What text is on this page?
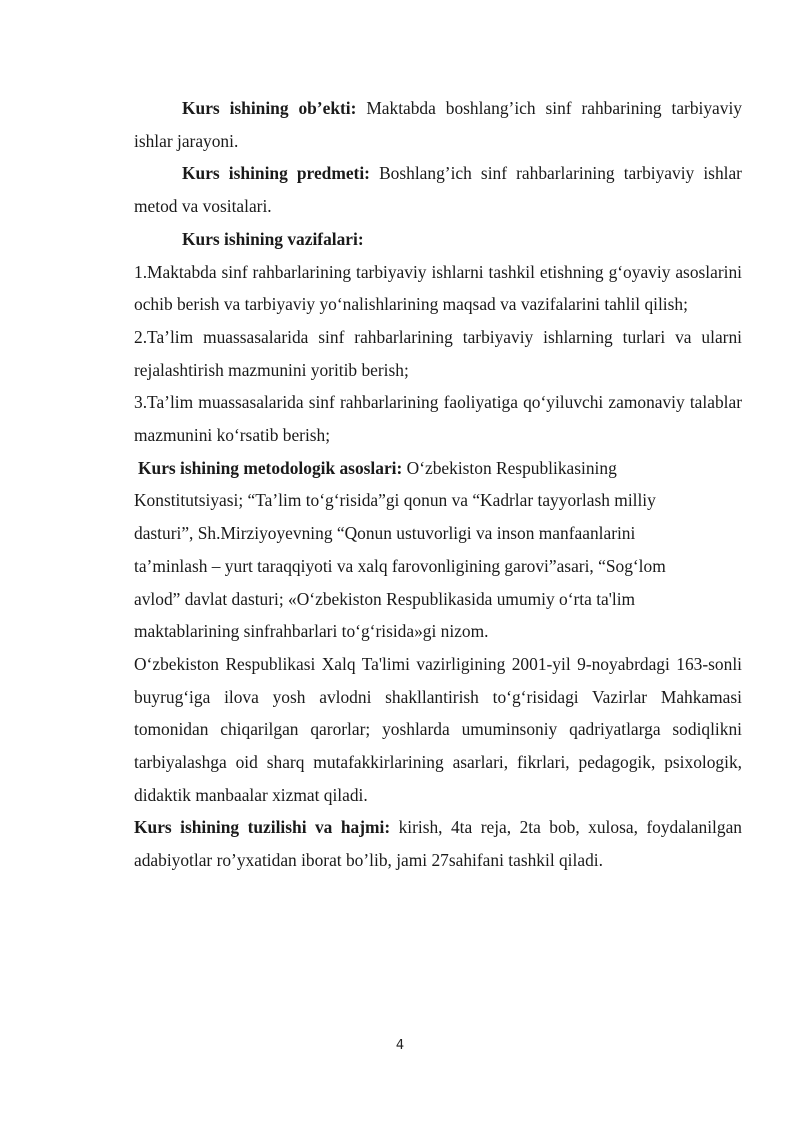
Kurs ishining ob’ekti: Maktabda boshlang’ich sinf rahbarining tarbiyaviy ishlar jarayoni.

Kurs ishining predmeti: Boshlang’ich sinf rahbarlarining tarbiyaviy ishlar metod va vositalari.

Kurs ishining vazifalari:

1.Maktabda sinf rahbarlarining tarbiyaviy ishlarni tashkil etishning g‘oyaviy asoslarini ochib berish va tarbiyaviy yo‘nalishlarining maqsad va vazifalarini tahlil qilish;

2.Ta’lim muassasalarida sinf rahbarlarining tarbiyaviy ishlarning turlari va ularni rejalashtirish mazmunini yoritib berish;

3.Ta’lim muassasalarida sinf rahbarlarining faoliyatiga qo‘yiluvchi zamonaviy talablar mazmunini ko‘rsatib berish;

Kurs ishining metodologik asoslari: O‘zbekiston Respublikasining Konstitutsiyasi; “Ta’lim to‘g‘risida”gi qonun va “Kadrlar tayyorlash milliy dasturi”, Sh.Mirziyoyevning “Qonun ustuvorligi va inson manfaanlarini ta’minlash – yurt taraqqiyoti va xalq farovonligining garovi”asari, “Sog‘lom avlod” davlat dasturi; «O‘zbekiston Respublikasida umumiy o‘rta ta'lim maktablarining sinfrahbarlari to‘g‘risida»gi nizom.

O‘zbekiston Respublikasi Xalq Ta'limi vazirligining 2001-yil 9-noyabrdagi 163-sonli buyrug‘iga ilova yosh avlodni shakllantirish to‘g‘risidagi Vazirlar Mahkamasi tomonidan chiqarilgan qarorlar; yoshlarda umuminsoniy qadriyatlarga sodiqlikni tarbiyalashga oid sharq mutafakkirlarining asarlari, fikrlari, pedagogik, psixologik, didaktik manbaalar xizmat qiladi.

Kurs ishining tuzilishi va hajmi: kirish, 4ta reja, 2ta bob, xulosa, foydalanilgan adabiyotlar ro’yxatidan iborat bo’lib, jami 27sahifani tashkil qiladi.

4
